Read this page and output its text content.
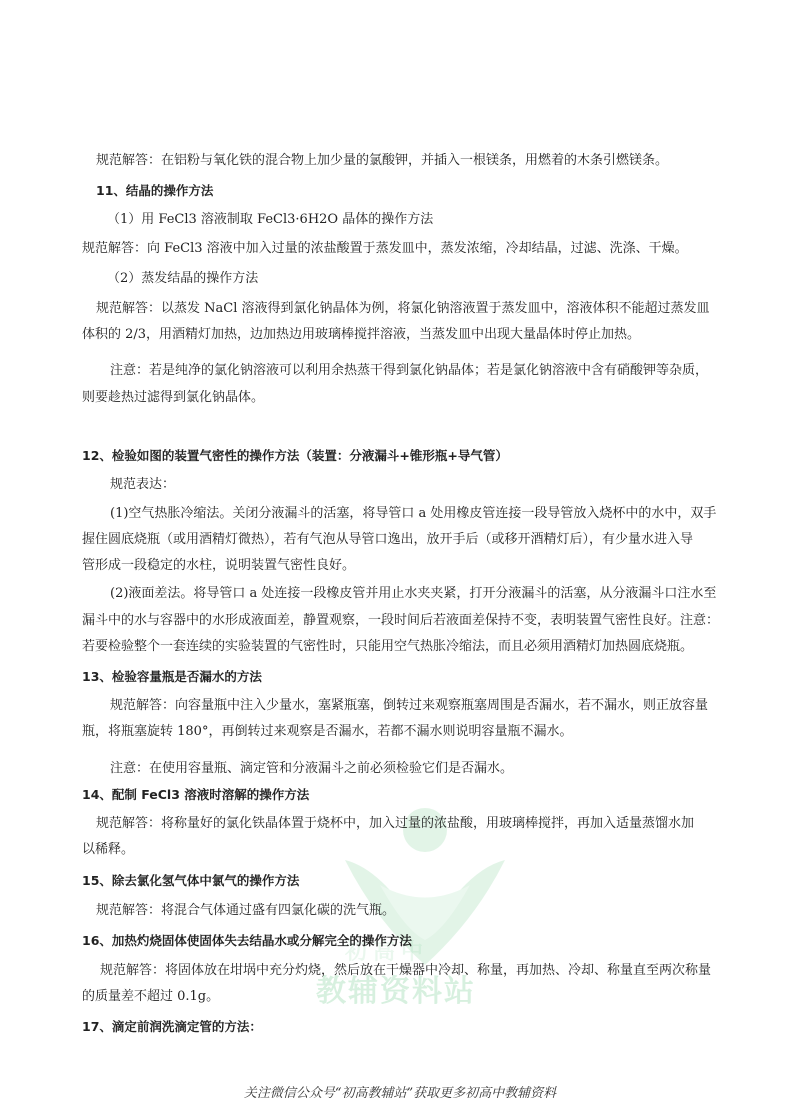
初高中
教辅资料站
规范解答：在铝粉与氧化铁的混合物上加少量的氯酸钾，并插入一根镁条，用燃着的木条引燃镁条。
11、结晶的操作方法
（1）用 FeCl3 溶液制取 FeCl3·6H2O 晶体的操作方法
规范解答：向 FeCl3 溶液中加入过量的浓盐酸置于蒸发皿中，蒸发浓缩，冷却结晶，过滤、洗涤、干燥。
（2）蒸发结晶的操作方法
规范解答：以蒸发 NaCl 溶液得到氯化钠晶体为例，将氯化钠溶液置于蒸发皿中，溶液体积不能超过蒸发皿
体积的 2/3，用酒精灯加热，边加热边用玻璃棒搅拌溶液，当蒸发皿中出现大量晶体时停止加热。
注意：若是纯净的氯化钠溶液可以利用余热蒸干得到氯化钠晶体；若是氯化钠溶液中含有硝酸钾等杂质，
则要趁热过滤得到氯化钠晶体。
12、检验如图的装置气密性的操作方法（装置：分液漏斗+锥形瓶+导气管）
规范表达：
(1)空气热胀冷缩法。关闭分液漏斗的活塞，将导管口 a 处用橡皮管连接一段导管放入烧杯中的水中，双手
握住圆底烧瓶（或用酒精灯微热），若有气泡从导管口逸出，放开手后（或移开酒精灯后），有少量水进入导
管形成一段稳定的水柱，说明装置气密性良好。
(2)液面差法。将导管口 a 处连接一段橡皮管并用止水夹夹紧，打开分液漏斗的活塞，从分液漏斗口注水至
漏斗中的水与容器中的水形成液面差，静置观察，一段时间后若液面差保持不变，表明装置气密性良好。注意：
若要检验整个一套连续的实验装置的气密性时，只能用空气热胀冷缩法，而且必须用酒精灯加热圆底烧瓶。
13、检验容量瓶是否漏水的方法
规范解答：向容量瓶中注入少量水，塞紧瓶塞，倒转过来观察瓶塞周围是否漏水，若不漏水，则正放容量
瓶，将瓶塞旋转 180°，再倒转过来观察是否漏水，若都不漏水则说明容量瓶不漏水。
注意：在使用容量瓶、滴定管和分液漏斗之前必须检验它们是否漏水。
14、配制 FeCl3 溶液时溶解的操作方法
规范解答：将称量好的氯化铁晶体置于烧杯中，加入过量的浓盐酸，用玻璃棒搅拌，再加入适量蒸馏水加
以稀释。
15、除去氯化氢气体中氯气的操作方法
规范解答：将混合气体通过盛有四氯化碳的洗气瓶。
16、加热灼烧固体使固体失去结晶水或分解完全的操作方法
规范解答：将固体放在坩埚中充分灼烧，然后放在干燥器中冷却、称量，再加热、冷却、称量直至两次称量
的质量差不超过 0.1g。
17、滴定前润洗滴定管的方法：
关注微信公众号“初高教辅站”获取更多初高中教辅资料
